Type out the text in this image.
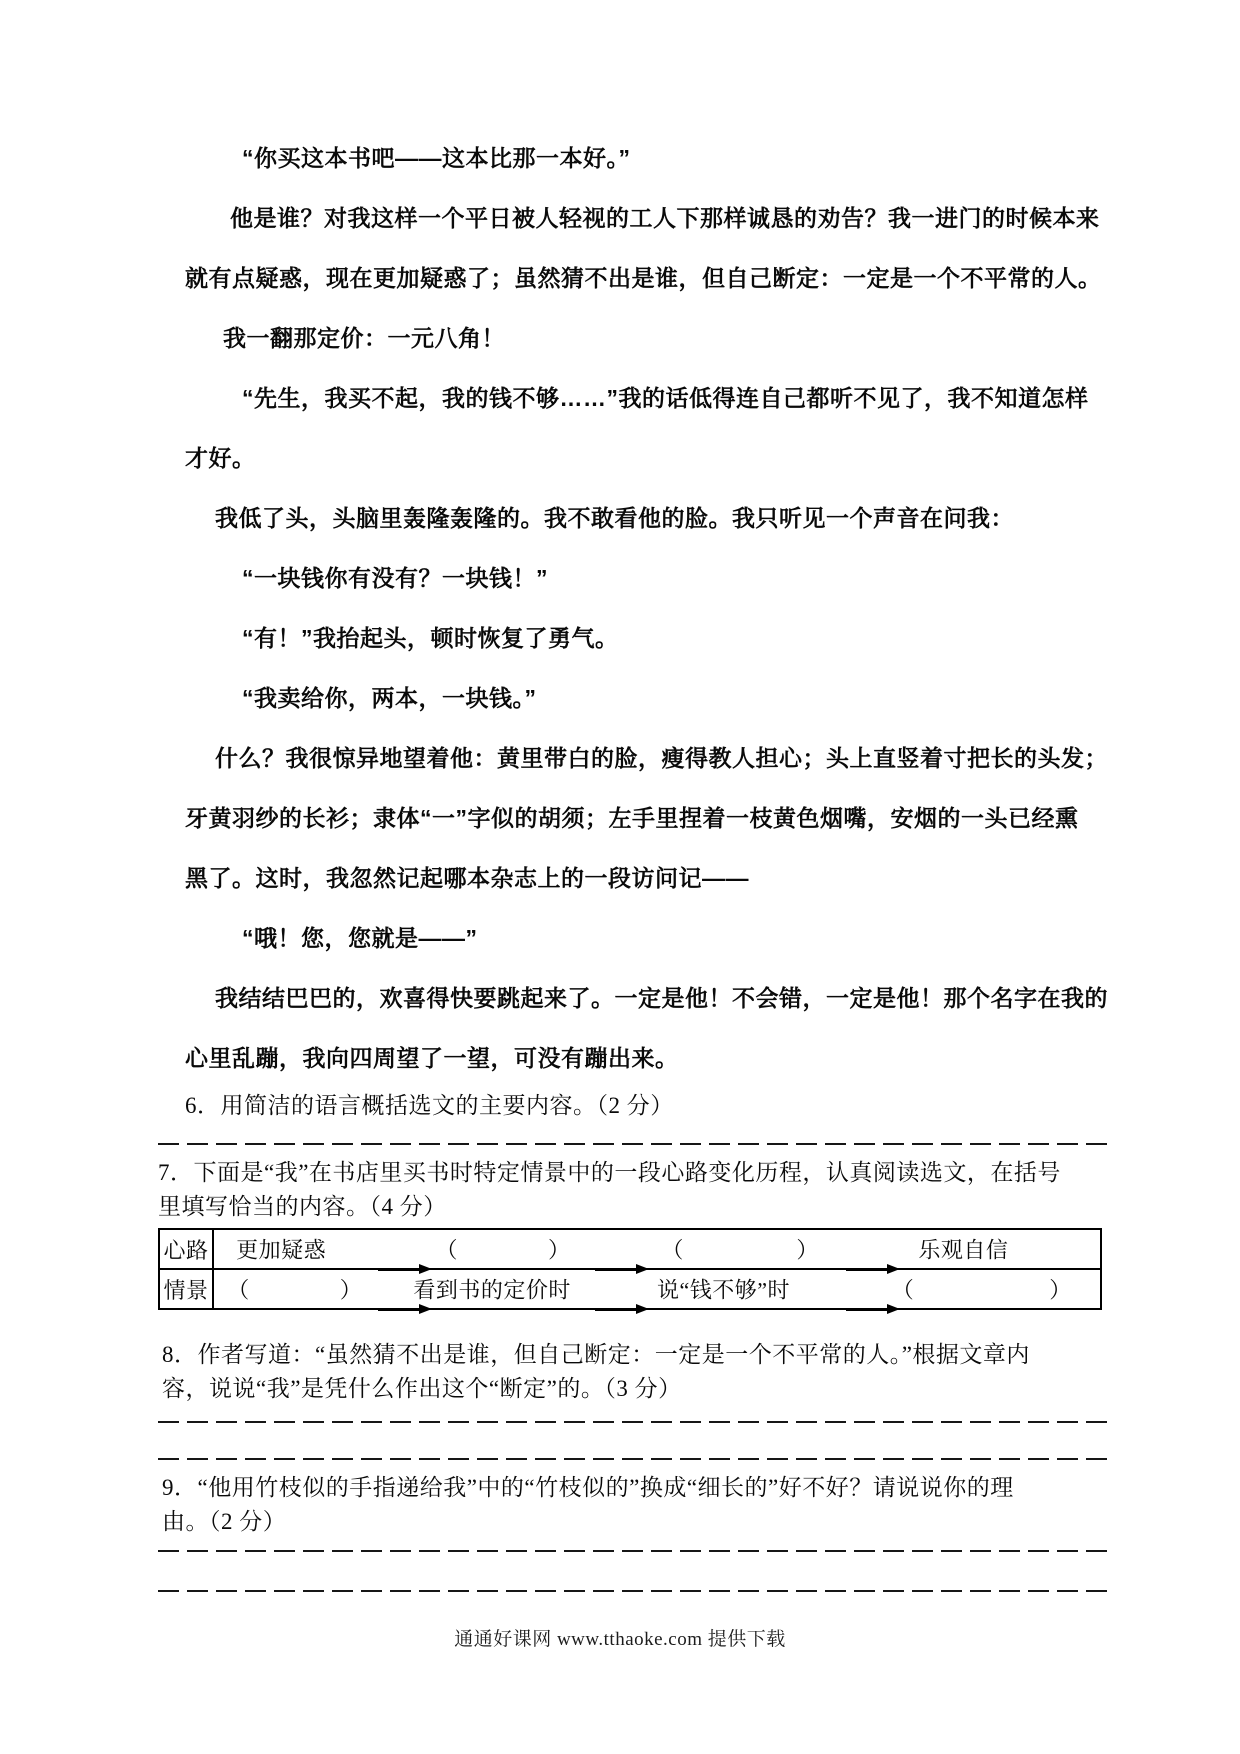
“你买这本书吧——这本比那一本好。”
他是谁？对我这样一个平日被人轻视的工人下那样诚恳的劝告？我一进门的时候本来
就有点疑惑，现在更加疑惑了；虽然猜不出是谁，但自己断定：一定是一个不平常的人。
我一翻那定价：一元八角！
“先生，我买不起，我的钱不够……”我的话低得连自己都听不见了，我不知道怎样
才好。
我低了头，头脑里轰隆轰隆的。我不敢看他的脸。我只听见一个声音在问我：
“一块钱你有没有？一块钱！”
“有！”我抬起头，顿时恢复了勇气。
“我卖给你，两本，一块钱。”
什么？我很惊异地望着他：黄里带白的脸，瘦得教人担心；头上直竖着寸把长的头发；
牙黄羽纱的长衫；隶体“一”字似的胡须；左手里捏着一枝黄色烟嘴，安烟的一头已经熏
黑了。这时，我忽然记起哪本杂志上的一段访问记——
“哦！您，您就是——”
我结结巴巴的，欢喜得快要跳起来了。一定是他！不会错，一定是他！那个名字在我的
心里乱蹦，我向四周望了一望，可没有蹦出来。
6．用简洁的语言概括选文的主要内容。（2 分）
7．下面是“我”在书店里买书时特定情景中的一段心路变化历程，认真阅读选文，在括号
里填写恰当的内容。（4 分）
心路 更加疑惑	（　　　　）	（　　　　　）	乐观自信
情景 （　　　　） 看到书的定价时	说“钱不够”时	（　　　　　　）
8．作者写道：“虽然猜不出是谁，但自己断定：一定是一个不平常的人。”根据文章内
容，说说“我”是凭什么作出这个“断定”的。（3 分）
9．“他用竹枝似的手指递给我”中的“竹枝似的”换成“细长的”好不好？请说说你的理
由。（2 分）
通通好课网 www.tthaoke.com 提供下载
